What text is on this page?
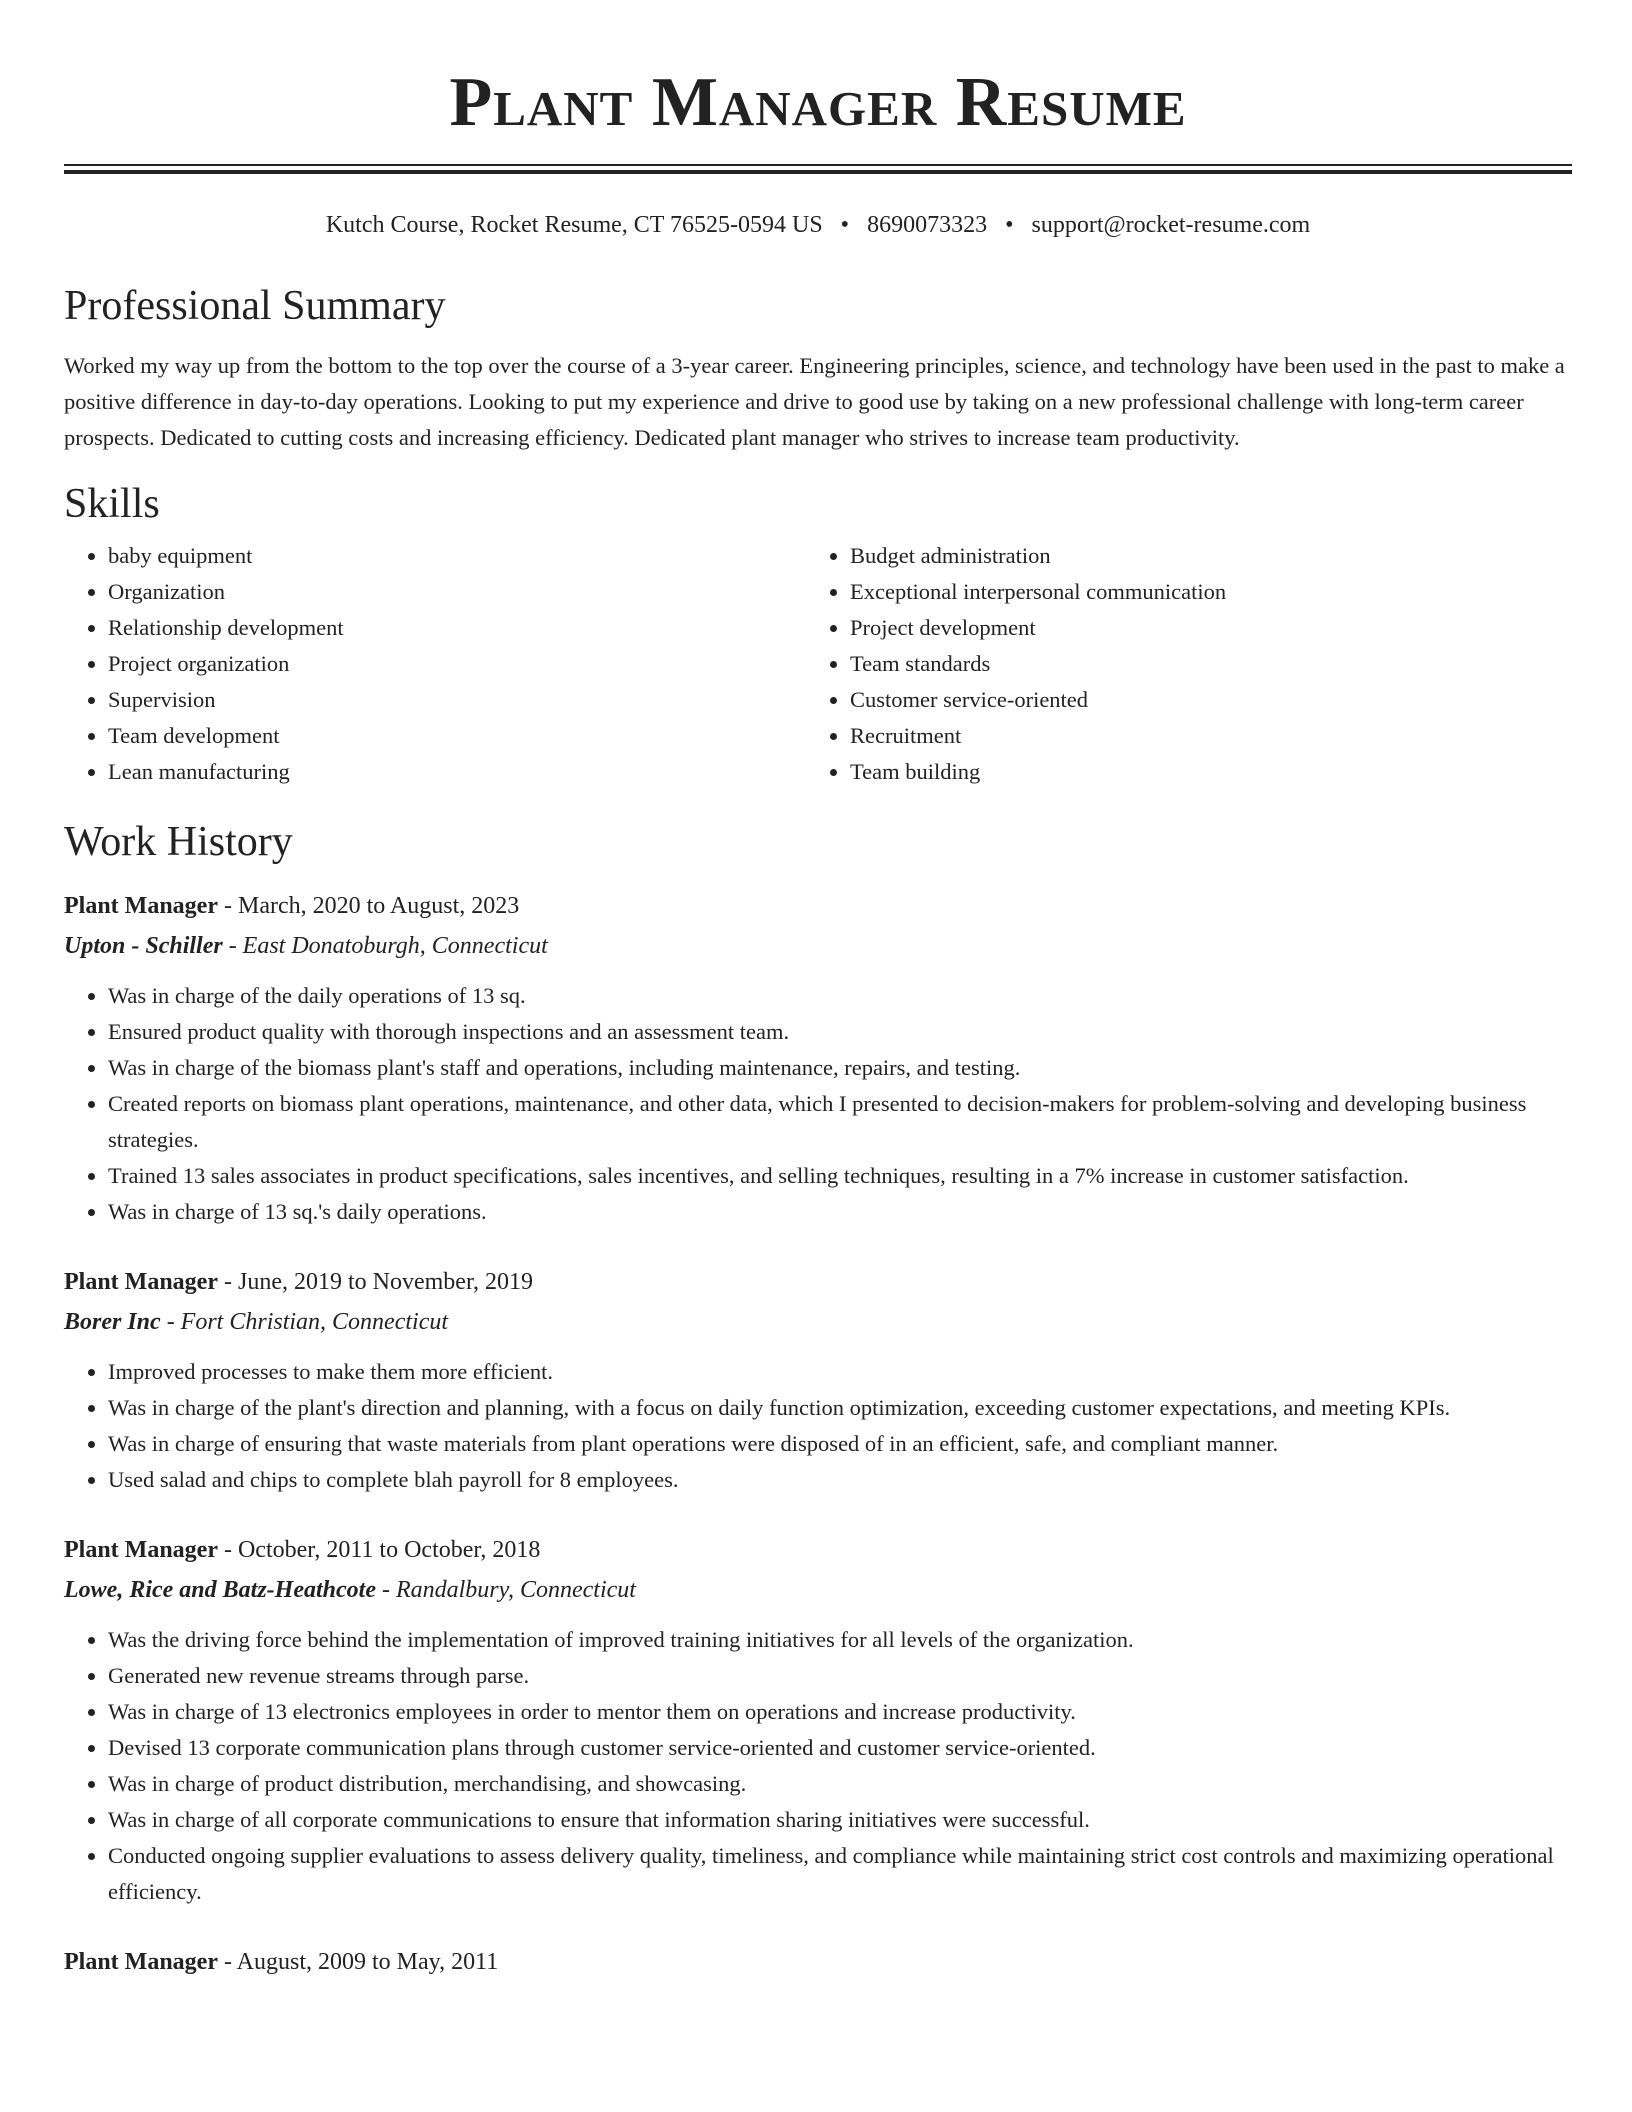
Plant Manager Resume
Kutch Course, Rocket Resume, CT 76525-0594 US • 8690073323 • support@rocket-resume.com
Professional Summary
Worked my way up from the bottom to the top over the course of a 3-year career. Engineering principles, science, and technology have been used in the past to make a positive difference in day-to-day operations. Looking to put my experience and drive to good use by taking on a new professional challenge with long-term career prospects. Dedicated to cutting costs and increasing efficiency. Dedicated plant manager who strives to increase team productivity.
Skills
• baby equipment
• Organization
• Relationship development
• Project organization
• Supervision
• Team development
• Lean manufacturing
• Budget administration
• Exceptional interpersonal communication
• Project development
• Team standards
• Customer service-oriented
• Recruitment
• Team building
Work History
Plant Manager - March, 2020 to August, 2023
Upton - Schiller - East Donatoburgh, Connecticut
• Was in charge of the daily operations of 13 sq.
• Ensured product quality with thorough inspections and an assessment team.
• Was in charge of the biomass plant's staff and operations, including maintenance, repairs, and testing.
• Created reports on biomass plant operations, maintenance, and other data, which I presented to decision-makers for problem-solving and developing business strategies.
• Trained 13 sales associates in product specifications, sales incentives, and selling techniques, resulting in a 7% increase in customer satisfaction.
• Was in charge of 13 sq.'s daily operations.
Plant Manager - June, 2019 to November, 2019
Borer Inc - Fort Christian, Connecticut
• Improved processes to make them more efficient.
• Was in charge of the plant's direction and planning, with a focus on daily function optimization, exceeding customer expectations, and meeting KPIs.
• Was in charge of ensuring that waste materials from plant operations were disposed of in an efficient, safe, and compliant manner.
• Used salad and chips to complete blah payroll for 8 employees.
Plant Manager - October, 2011 to October, 2018
Lowe, Rice and Batz-Heathcote - Randalbury, Connecticut
• Was the driving force behind the implementation of improved training initiatives for all levels of the organization.
• Generated new revenue streams through parse.
• Was in charge of 13 electronics employees in order to mentor them on operations and increase productivity.
• Devised 13 corporate communication plans through customer service-oriented and customer service-oriented.
• Was in charge of product distribution, merchandising, and showcasing.
• Was in charge of all corporate communications to ensure that information sharing initiatives were successful.
• Conducted ongoing supplier evaluations to assess delivery quality, timeliness, and compliance while maintaining strict cost controls and maximizing operational efficiency.
Plant Manager - August, 2009 to May, 2011
